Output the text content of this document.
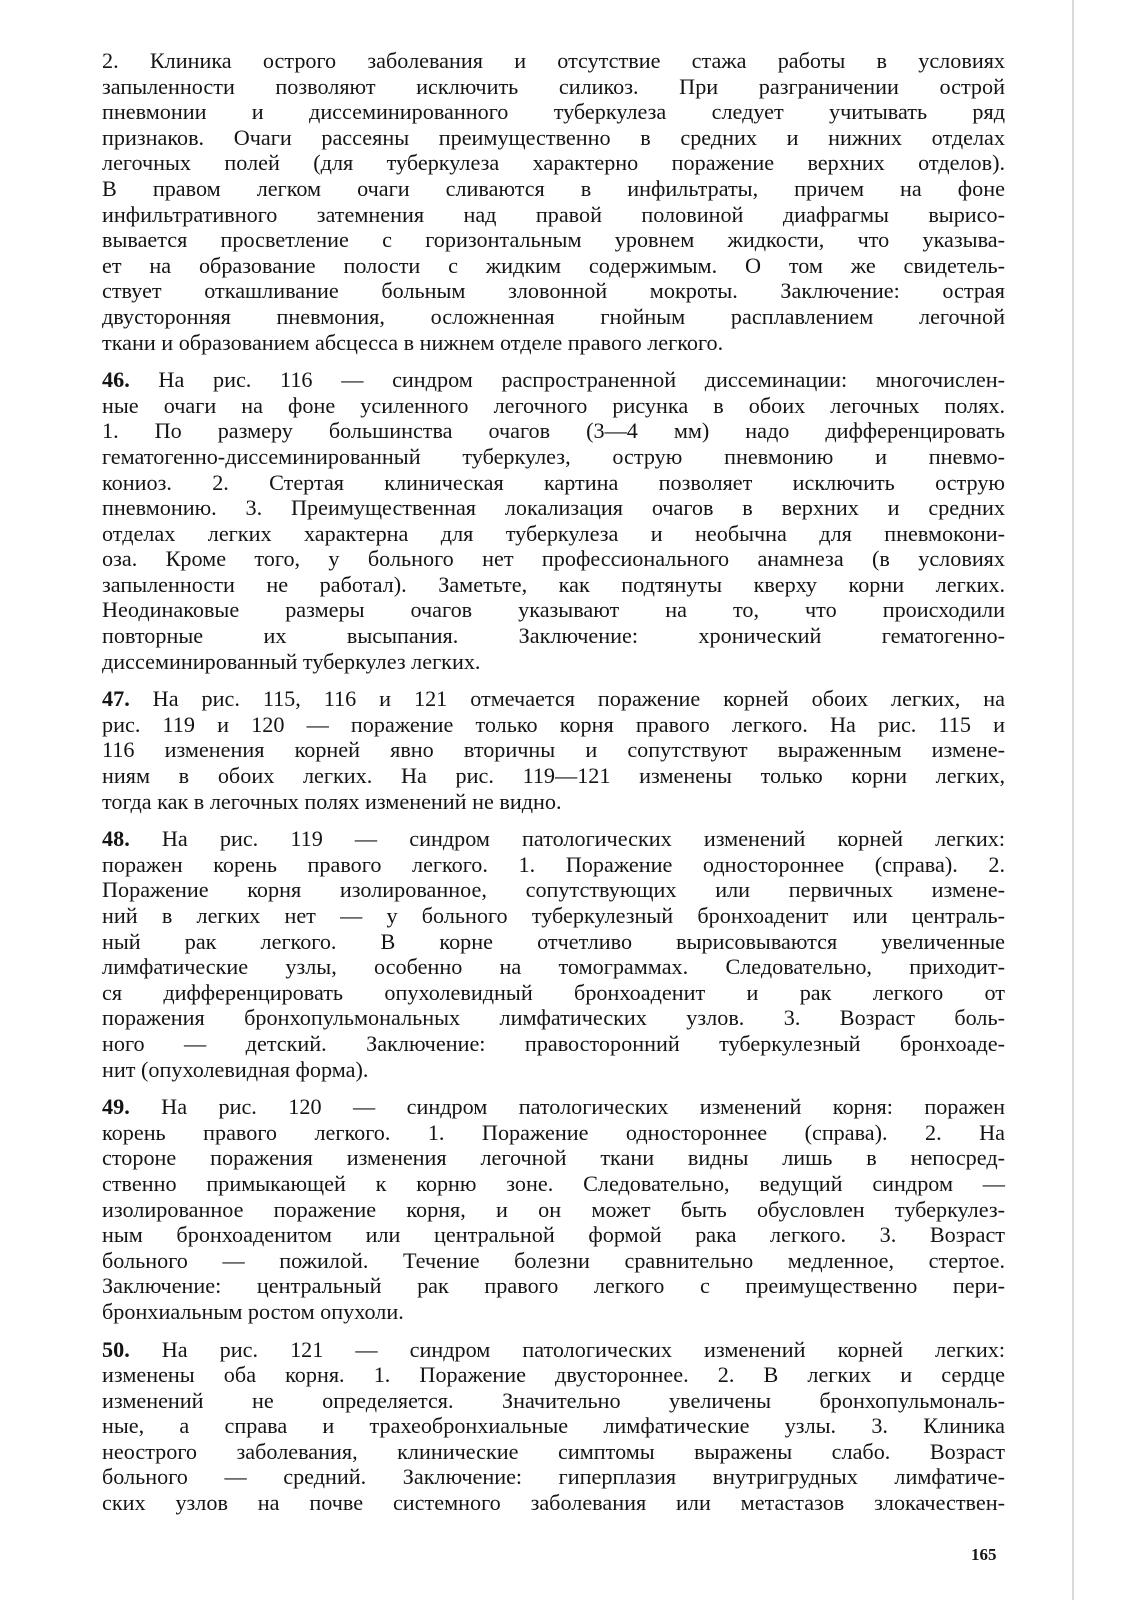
2. Клиника острого заболевания и отсутствие стажа работы в условиях
запыленности позволяют исключить силикоз. При разграничении острой
пневмонии и диссеминированного туберкулеза следует учитывать ряд
признаков. Очаги рассеяны преимущественно в средних и нижних отделах
легочных полей (для туберкулеза характерно поражение верхних отделов).
В правом легком очаги сливаются в инфильтраты, причем на фоне
инфильтративного затемнения над правой половиной диафрагмы вырисо-
вывается просветление с горизонтальным уровнем жидкости, что указыва-
ет на образование полости с жидким содержимым. О том же свидетель-
ствует откашливание больным зловонной мокроты. Заключение: острая
двусторонняя пневмония, осложненная гнойным расплавлением легочной
ткани и образованием абсцесса в нижнем отделе правого легкого.

46. На рис. 116 — синдром распространенной диссеминации: многочислен-
ные очаги на фоне усиленного легочного рисунка в обоих легочных полях.
1. По размеру большинства очагов (3—4 мм) надо дифференцировать
гематогенно-диссеминированный туберкулез, острую пневмонию и пневмо-
кониоз. 2. Стертая клиническая картина позволяет исключить острую
пневмонию. 3. Преимущественная локализация очагов в верхних и средних
отделах легких характерна для туберкулеза и необычна для пневмокони-
оза. Кроме того, у больного нет профессионального анамнеза (в условиях
запыленности не работал). Заметьте, как подтянуты кверху корни легких.
Неодинаковые размеры очагов указывают на то, что происходили
повторные их высыпания. Заключение: хронический гематогенно-
диссеминированный туберкулез легких.

47. На рис. 115, 116 и 121 отмечается поражение корней обоих легких, на
рис. 119 и 120 — поражение только корня правого легкого. На рис. 115 и
116 изменения корней явно вторичны и сопутствуют выраженным измене-
ниям в обоих легких. На рис. 119—121 изменены только корни легких,
тогда как в легочных полях изменений не видно.

48. На рис. 119 — синдром патологических изменений корней легких:
поражен корень правого легкого. 1. Поражение одностороннее (справа). 2.
Поражение корня изолированное, сопутствующих или первичных измене-
ний в легких нет — у больного туберкулезный бронхоаденит или централь-
ный рак легкого. В корне отчетливо вырисовываются увеличенные
лимфатические узлы, особенно на томограммах. Следовательно, приходит-
ся дифференцировать опухолевидный бронхоаденит и рак легкого от
поражения бронхопульмональных лимфатических узлов. 3. Возраст боль-
ного — детский. Заключение: правосторонний туберкулезный бронхоаде-
нит (опухолевидная форма).

49. На рис. 120 — синдром патологических изменений корня: поражен
корень правого легкого. 1. Поражение одностороннее (справа). 2. На
стороне поражения изменения легочной ткани видны лишь в непосред-
ственно примыкающей к корню зоне. Следовательно, ведущий синдром —
изолированное поражение корня, и он может быть обусловлен туберкулез-
ным бронхоаденитом или центральной формой рака легкого. 3. Возраст
больного — пожилой. Течение болезни сравнительно медленное, стертое.
Заключение: центральный рак правого легкого с преимущественно пери-
бронхиальным ростом опухоли.

50. На рис. 121 — синдром патологических изменений корней легких:
изменены оба корня. 1. Поражение двустороннее. 2. В легких и сердце
изменений не определяется. Значительно увеличены бронхопульмональ-
ные, а справа и трахеобронхиальные лимфатические узлы. 3. Клиника
неострого заболевания, клинические симптомы выражены слабо. Возраст
больного — средний. Заключение: гиперплазия внутригрудных лимфатиче-
ских узлов на почве системного заболевания или метастазов злокачествен-

165
